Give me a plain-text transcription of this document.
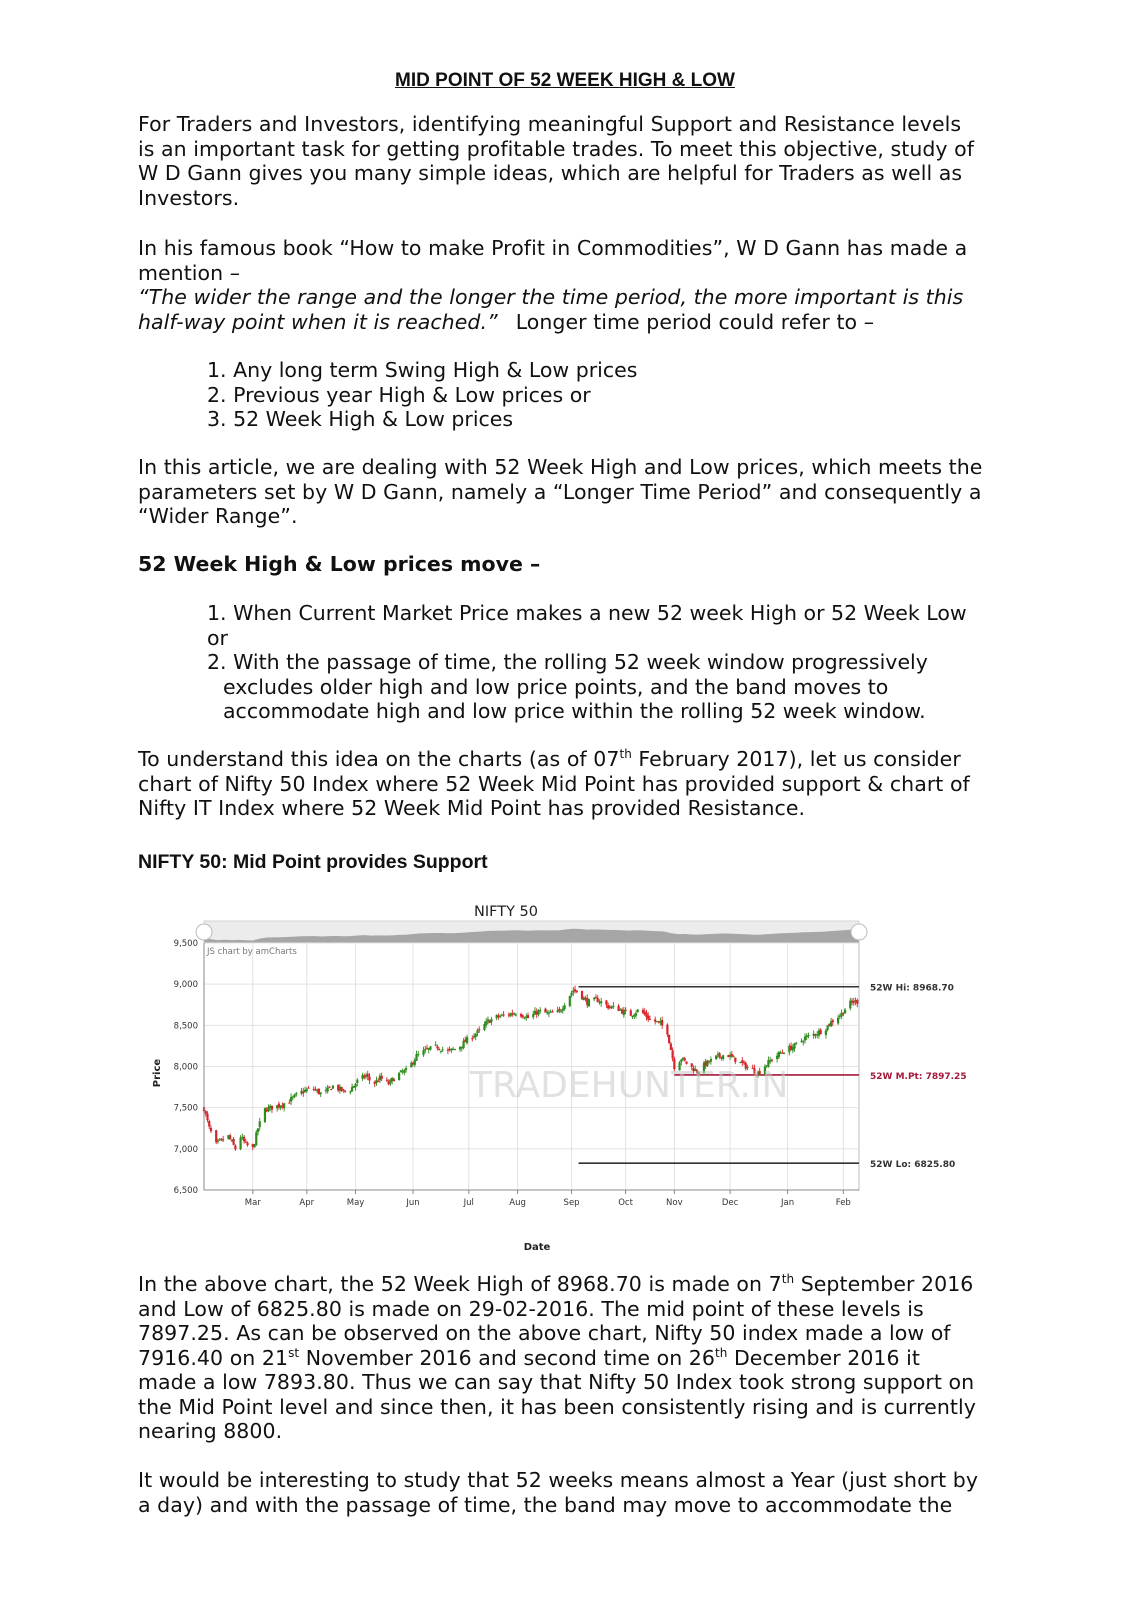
MID POINT OF 52 WEEK HIGH & LOW
For Traders and Investors, identifying meaningful Support and Resistance levels
is an important task for getting profitable trades. To meet this objective, study of
W D Gann gives you many simple ideas, which are helpful for Traders as well as
Investors.
In his famous book “How to make Profit in Commodities”, W D Gann has made a
mention –
“The wider the range and the longer the time period, the more important is this
half-way point when it is reached.” Longer time period could refer to –
1. Any long term Swing High & Low prices
2. Previous year High & Low prices or
3. 52 Week High & Low prices
In this article, we are dealing with 52 Week High and Low prices, which meets the
parameters set by W D Gann, namely a “Longer Time Period” and consequently a
“Wider Range”.
52 Week High & Low prices move –
1. When Current Market Price makes a new 52 week High or 52 Week Low
or
2. With the passage of time, the rolling 52 week window progressively
excludes older high and low price points, and the band moves to
accommodate high and low price within the rolling 52 week window.
To understand this idea on the charts (as of 07th February 2017), let us consider
chart of Nifty 50 Index where 52 Week Mid Point has provided support & chart of
Nifty IT Index where 52 Week Mid Point has provided Resistance.
NIFTY 50: Mid Point provides Support
52W Hi: 8968.70
52W M.Pt: 7897.25
52W Lo: 6825.80
6,500
7,000
7,500
8,000
8,500
9,000
9,500
Mar	Apr	May	Jun	Jul	Aug	Sep	Oct	Nov	Dec	Jan	Feb
NIFTY 50
JS chart by amCharts
TRADEHUNTER.IN
Date
Price
In the above chart, the 52 Week High of 8968.70 is made on 7th September 2016
and Low of 6825.80 is made on 29-02-2016. The mid point of these levels is
7897.25. As can be observed on the above chart, Nifty 50 index made a low of
7916.40 on 21st November 2016 and second time on 26th December 2016 it
made a low 7893.80. Thus we can say that Nifty 50 Index took strong support on
the Mid Point level and since then, it has been consistently rising and is currently
nearing 8800.
It would be interesting to study that 52 weeks means almost a Year (just short by
a day) and with the passage of time, the band may move to accommodate the
